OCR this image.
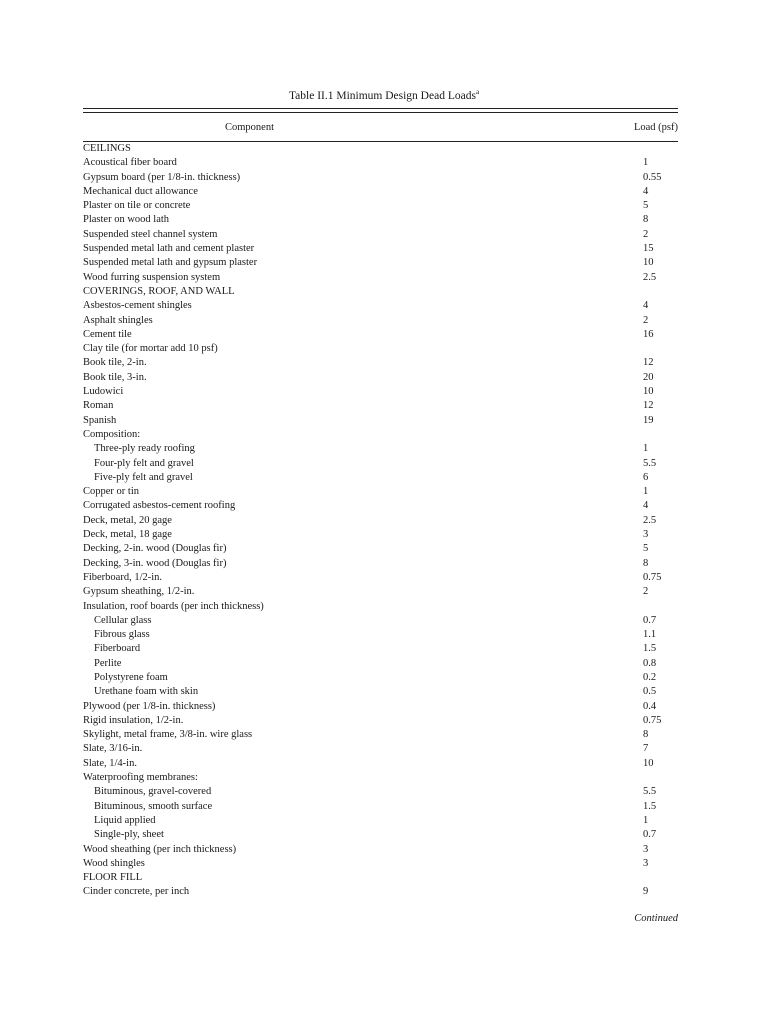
Table II.1 Minimum Design Dead Loads$^a$
Component	Load (psf)
CEILINGS
Acoustical fiber board	1
Gypsum board (per 1/8-in. thickness)	0.55
Mechanical duct allowance	4
Plaster on tile or concrete	5
Plaster on wood lath	8
Suspended steel channel system	2
Suspended metal lath and cement plaster	15
Suspended metal lath and gypsum plaster	10
Wood furring suspension system	2.5
COVERINGS, ROOF, AND WALL
Asbestos-cement shingles	4
Asphalt shingles	2
Cement tile	16
Clay tile (for mortar add 10 psf)
Book tile, 2-in.	12
Book tile, 3-in.	20
Ludowici	10
Roman	12
Spanish	19
Composition:
Three-ply ready roofing	1
Four-ply felt and gravel	5.5
Five-ply felt and gravel	6
Copper or tin	1
Corrugated asbestos-cement roofing	4
Deck, metal, 20 gage	2.5
Deck, metal, 18 gage	3
Decking, 2-in. wood (Douglas fir)	5
Decking, 3-in. wood (Douglas fir)	8
Fiberboard, 1/2-in.	0.75
Gypsum sheathing, 1/2-in.	2
Insulation, roof boards (per inch thickness)
Cellular glass	0.7
Fibrous glass	1.1
Fiberboard	1.5
Perlite	0.8
Polystyrene foam	0.2
Urethane foam with skin	0.5
Plywood (per 1/8-in. thickness)	0.4
Rigid insulation, 1/2-in.	0.75
Skylight, metal frame, 3/8-in. wire glass	8
Slate, 3/16-in.	7
Slate, 1/4-in.	10
Waterproofing membranes:
Bituminous, gravel-covered	5.5
Bituminous, smooth surface	1.5
Liquid applied	1
Single-ply, sheet	0.7
Wood sheathing (per inch thickness)	3
Wood shingles	3
FLOOR FILL
Cinder concrete, per inch	9
Continued
